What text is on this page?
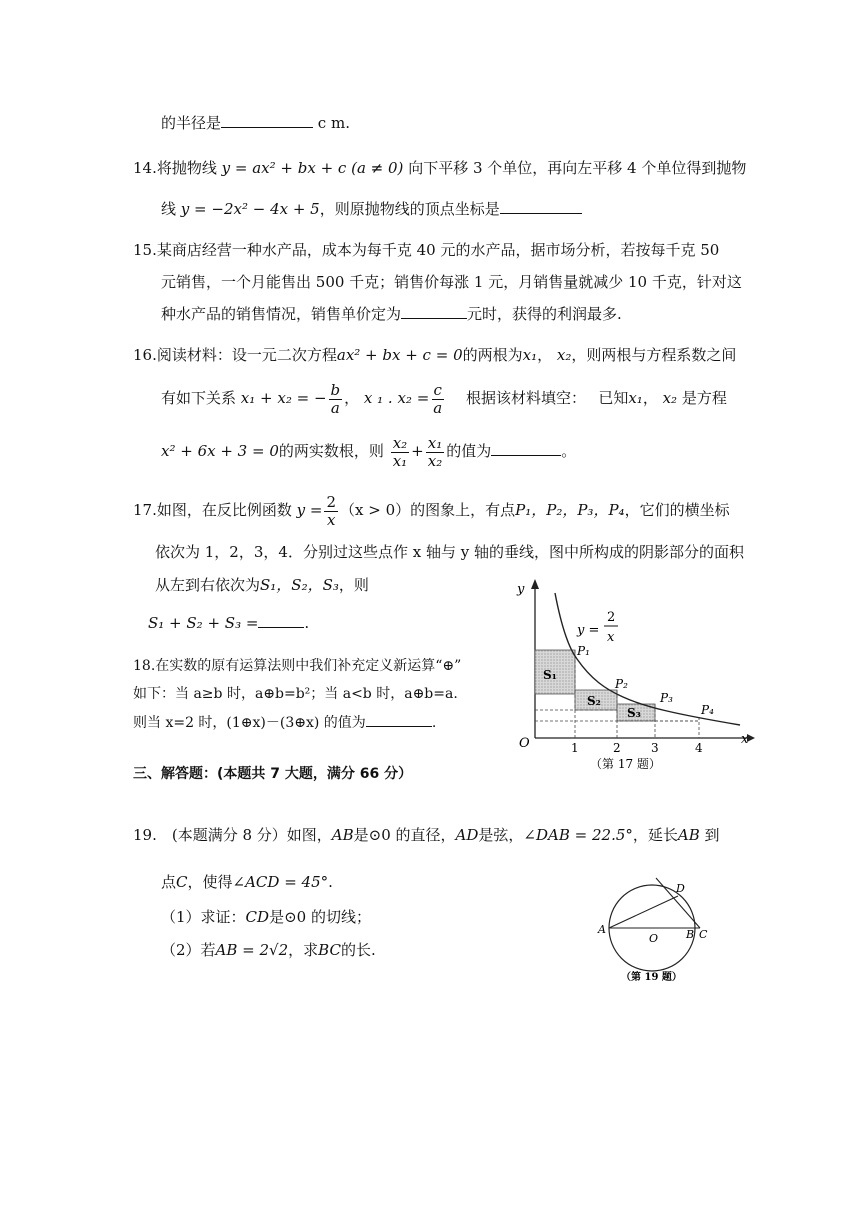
的半径是	c m.
14.将抛物线 y = ax² + bx + c (a ≠ 0) 向下平移 3 个单位，再向左平移 4 个单位得到抛物
线 y = −2x² − 4x + 5，则原抛物线的顶点坐标是
15.某商店经营一种水产品，成本为每千克 40 元的水产品，据市场分析，若按每千克 50
元销售，一个月能售出 500 千克；销售价每涨 1 元，月销售量就减少 10 千克，针对这
种水产品的销售情况，销售单价定为	元时，获得的利润最多.
16.阅读材料：设一元二次方程ax² + bx + c = 0的两根为x₁， x₂，则两根与方程系数之间
有如下关系 x₁ + x₂ = − $\frac{b}{a}$ ， x ₁ . $x_2 = \frac{c}{a}$
　 根据该材料填空：　 已知x₁， x₂ 是方程
x² + 6x + 3 = 0的两实数根，则 $\frac{\text{x₂}}{\text{x₁}} + \frac{\text{x₁}}{\text{x₂}}$ 的值为	。
17.如图，在反比例函数 $y = \frac{2}{x} (x > 0)$的图象上，有点P₁，P₂，P₃，P₄，它们的横坐标
依次为 1，2，3，4．分别过这些点作 x 轴与 y 轴的垂线，图中所构成的阴影部分的面积
从左到右依次为S₁，S₂，S₃，则
S₁ + S₂ + S₃ =	.
18.在实数的原有运算法则中我们补充定义新运算“⊕”
如下：当 a≥b 时，a⊕b=b²；当 a<b 时，a⊕b=a.
则当 x=2 时，(1⊕x)－(3⊕x) 的值为	.
y
x
O
y =
2
x
P₁
P₂
P₃
P₄
S₁
S₂
S₃
1	2	3	4
（第 17 题）
三、解答题：(本题共 7 大题，满分 66 分）
19.　(本题满分 8 分）如图，AB是⊙0 的直径，AD是弦，∠DAB = 22.5°，延长AB 到
点C，使得∠ACD = 45°.
（1）求证：CD是⊙0 的切线；
（2）若AB = 2√2，求BC的长.
A
O	B C
D
（第 19 题）
